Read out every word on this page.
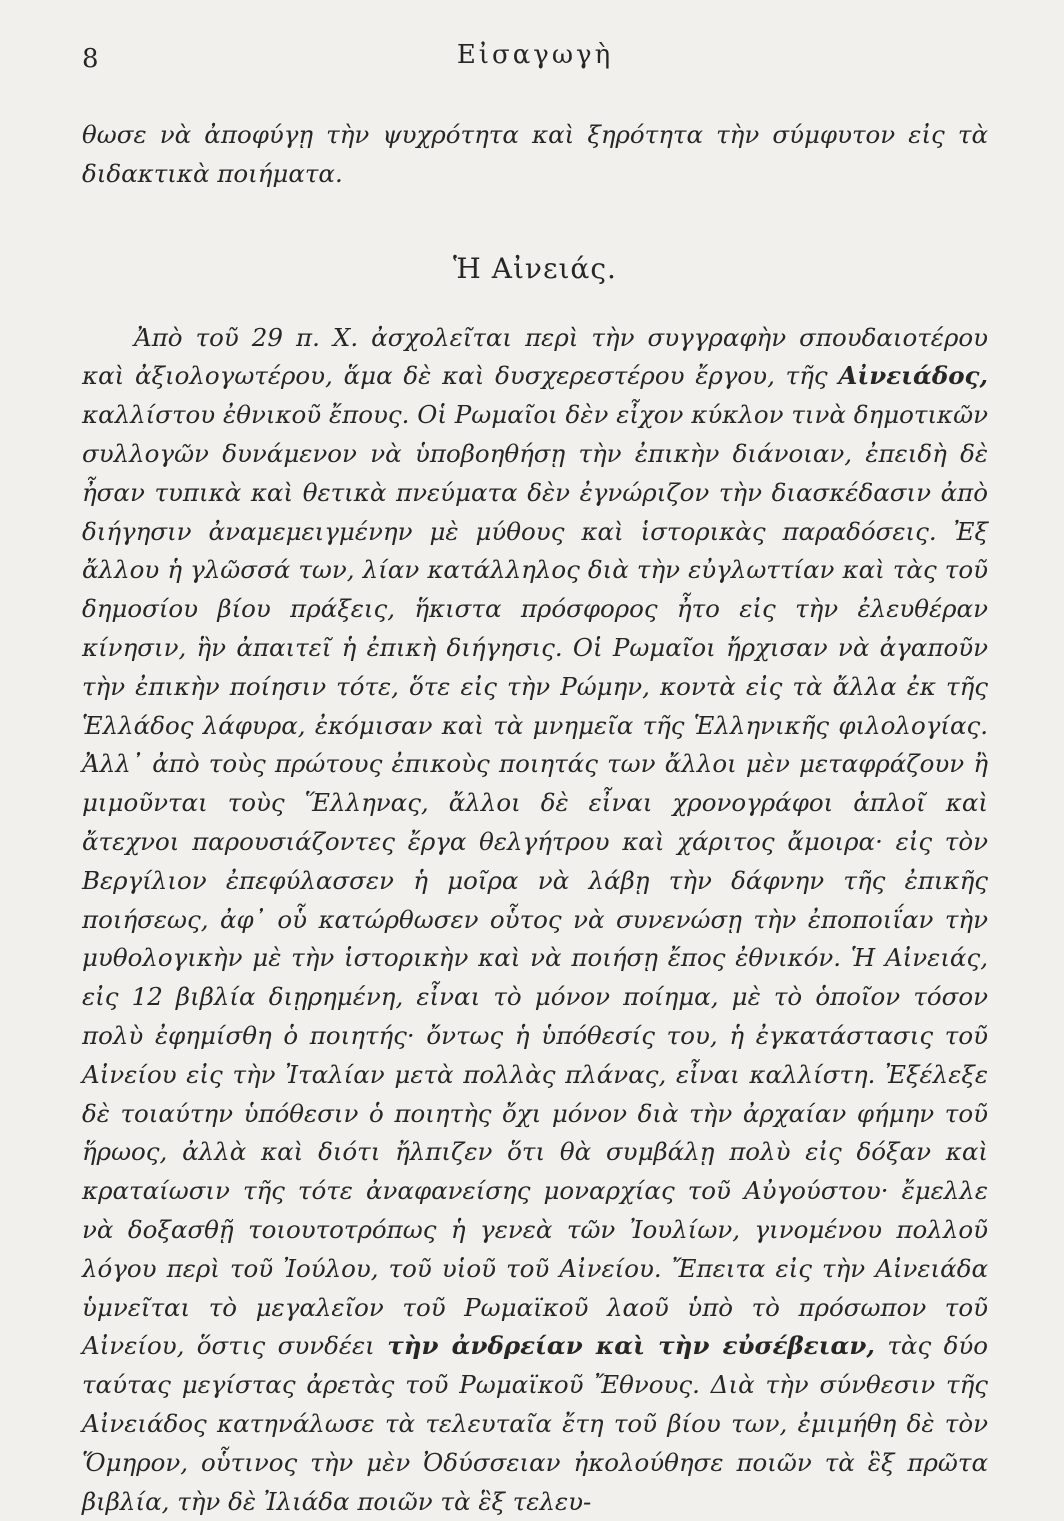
8	Εἰσαγωγὴ

θωσε νὰ ἀποφύγῃ τὴν ψυχρότητα καὶ ξηρότητα τὴν σύμφυτον εἰς τὰ διδακτικὰ ποιήματα.

Ἡ Αἰνειάς.

Ἀπὸ τοῦ 29 π. Χ. ἀσχολεῖται περὶ τὴν συγγραφὴν σπουδαιοτέρου καὶ ἀξιολογωτέρου, ἅμα δὲ καὶ δυσχερεστέρου ἔργου, τῆς Αἰνειάδος, καλλίστου ἐθνικοῦ ἔπους. Οἱ Ρωμαῖοι δὲν εἶχον κύκλον τινὰ δημοτικῶν συλλογῶν δυνάμενον νὰ ὑποβοηθήσῃ τὴν ἐπικὴν διάνοιαν, ἐπειδὴ δὲ ἦσαν τυπικὰ καὶ θετικὰ πνεύματα δὲν ἐγνώριζον τὴν διασκέδασιν ἀπὸ διήγησιν ἀναμεμειγμένην μὲ μύθους καὶ ἱστορικὰς παραδόσεις. Ἐξ ἄλλου ἡ γλῶσσά των, λίαν κατάλληλος διὰ τὴν εὐγλωττίαν καὶ τὰς τοῦ δημοσίου βίου πράξεις, ἥκιστα πρόσφορος ἦτο εἰς τὴν ἐλευθέραν κίνησιν, ἣν ἀπαιτεῖ ἡ ἐπικὴ διήγησις. Οἱ Ρωμαῖοι ἤρχισαν νὰ ἀγαποῦν τὴν ἐπικὴν ποίησιν τότε, ὅτε εἰς τὴν Ρώμην, κοντὰ εἰς τὰ ἄλλα ἐκ τῆς Ἑλλάδος λάφυρα, ἐκόμισαν καὶ τὰ μνημεῖα τῆς Ἑλληνικῆς φιλολογίας. Ἀλλ᾽ ἀπὸ τοὺς πρώτους ἐπικοὺς ποιητάς των ἄλλοι μὲν μεταφράζουν ἢ μιμοῦνται τοὺς Ἕλληνας, ἄλλοι δὲ εἶναι χρονογράφοι ἁπλοῖ καὶ ἄτεχνοι παρουσιάζοντες ἔργα θελγήτρου καὶ χάριτος ἄμοιρα· εἰς τὸν Βεργίλιον ἐπεφύλασσεν ἡ μοῖρα νὰ λάβῃ τὴν δάφνην τῆς ἐπικῆς ποιήσεως, ἀφ᾽ οὗ κατώρθωσεν οὗτος νὰ συνενώσῃ τὴν ἐποποιΐαν τὴν μυθολογικὴν μὲ τὴν ἱστορικὴν καὶ νὰ ποιήσῃ ἔπος ἐθνικόν. Ἡ Αἰνειάς, εἰς 12 βιβλία διῃρημένη, εἶναι τὸ μόνον ποίημα, μὲ τὸ ὁποῖον τόσον πολὺ ἐφημίσθη ὁ ποιητής· ὄντως ἡ ὑπόθεσίς του, ἡ ἐγκατάστασις τοῦ Αἰνείου εἰς τὴν Ἰταλίαν μετὰ πολλὰς πλάνας, εἶναι καλλίστη. Ἐξέλεξε δὲ τοιαύτην ὑπόθεσιν ὁ ποιητὴς ὄχι μόνον διὰ τὴν ἀρχαίαν φήμην τοῦ ἥρωος, ἀλλὰ καὶ διότι ἤλπιζεν ὅτι θὰ συμβάλῃ πολὺ εἰς δόξαν καὶ κραταίωσιν τῆς τότε ἀναφανείσης μοναρχίας τοῦ Αὐγούστου· ἔμελλε νὰ δοξασθῇ τοιουτοτρόπως ἡ γενεὰ τῶν Ἰουλίων, γινομένου πολλοῦ λόγου περὶ τοῦ Ἰούλου, τοῦ υἱοῦ τοῦ Αἰνείου. Ἔπειτα εἰς τὴν Αἰνειάδα ὑμνεῖται τὸ μεγαλεῖον τοῦ Ρωμαϊκοῦ λαοῦ ὑπὸ τὸ πρόσωπον τοῦ Αἰνείου, ὅστις συνδέει τὴν ἀνδρείαν καὶ τὴν εὐσέβειαν, τὰς δύο ταύτας μεγίστας ἀρετὰς τοῦ Ρωμαϊκοῦ Ἔθνους. Διὰ τὴν σύνθεσιν τῆς Αἰνειάδος κατηνάλωσε τὰ τελευταῖα ἔτη τοῦ βίου των, ἐμιμήθη δὲ τὸν Ὅμηρον, οὗτινος τὴν μὲν Ὀδύσσειαν ἠκολούθησε ποιῶν τὰ ἓξ πρῶτα βιβλία, τὴν δὲ Ἰλιάδα ποιῶν τὰ ἓξ τελευ-
